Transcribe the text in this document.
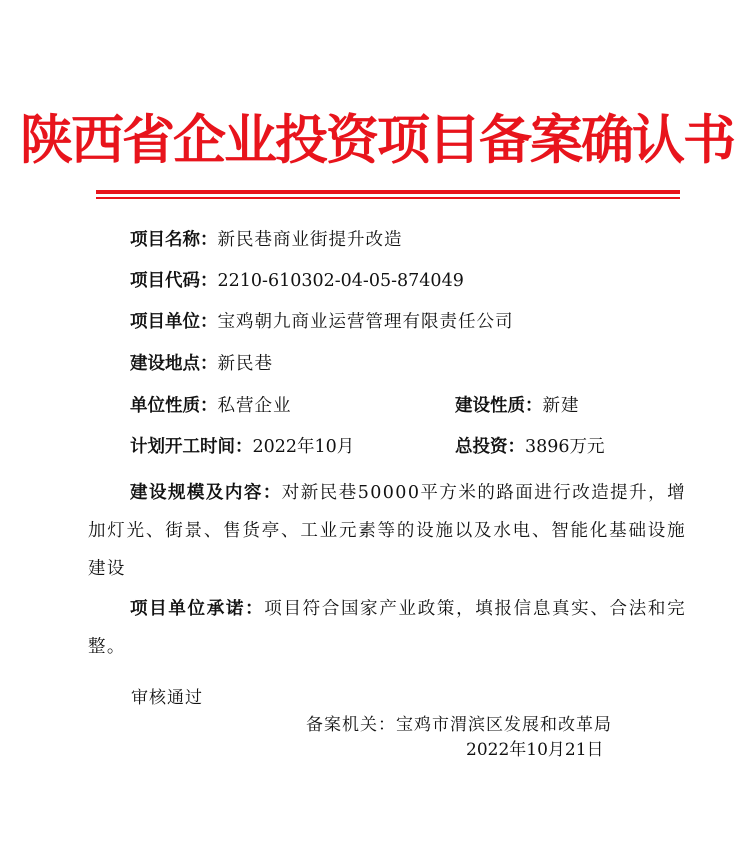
陕西省企业投资项目备案确认书
项目名称：新民巷商业街提升改造
项目代码：2210-610302-04-05-874049
项目单位：宝鸡朝九商业运营管理有限责任公司
建设地点：新民巷
单位性质：私营企业	建设性质：新建
计划开工时间：2022年10月	总投资：3896万元
建设规模及内容：对新民巷50000平方米的路面进行改造提升，增加灯光、街景、售货亭、工业元素等的设施以及水电、智能化基础设施建设
项目单位承诺：项目符合国家产业政策，填报信息真实、合法和完整。
审核通过
备案机关：宝鸡市渭滨区发展和改革局
2022年10月21日
